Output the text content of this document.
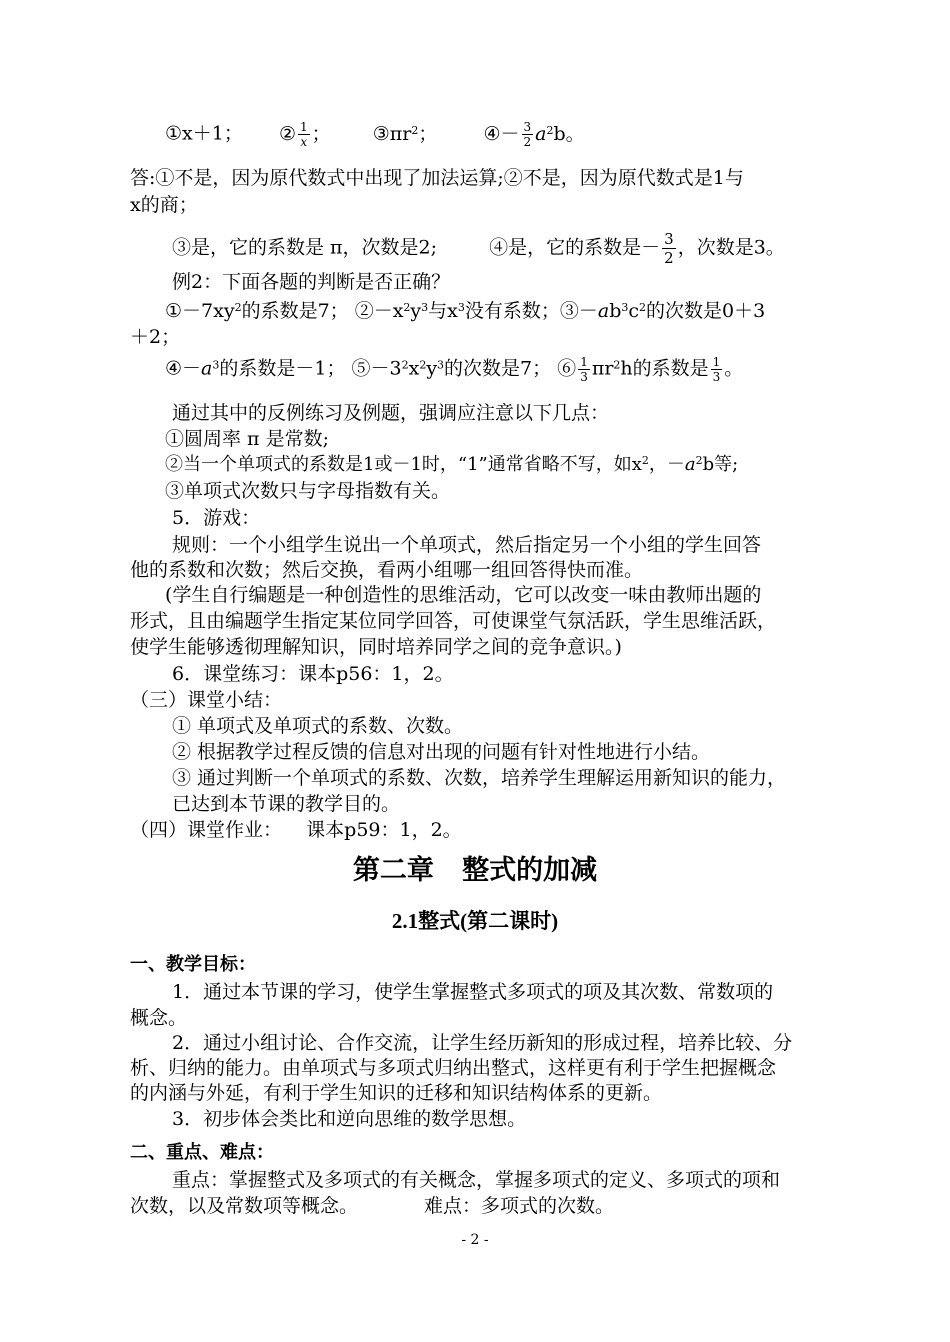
①x＋1； ② $\frac{1}{x}$ ； $③\pi r^2$； ④－ $\frac{3}{2} a^2b$。
答:①不是，因为原代数式中出现了加法运算;②不是，因为原代数式是1与
x的商；
③是，它的系数是 π，次数是2;	④是，它的系数是－ $\frac{3}{2}$ ，次数是3。
例2：下面各题的判断是否正确？
$①-7xy^2$的系数是7； $②-x^2y^3$与$x^3$没有系数；$③-ab^3c^2$的次数是0＋3
＋2；
$④-a^3$的系数是－1； $⑤-3^2x^2y^3$的次数是7； ⑥ $\frac{1}{3} \pi r^2h$的系数是 $\frac{1}{3}$ 。
通过其中的反例练习及例题，强调应注意以下几点：
①圆周率 π 是常数;
②当一个单项式的系数是1或－1时，“1”通常省略不写，如$x^2$，$-a^2b$等;
③单项式次数只与字母指数有关。
5．游戏：
规则：一个小组学生说出一个单项式，然后指定另一个小组的学生回答
他的系数和次数；然后交换，看两小组哪一组回答得快而准。
(学生自行编题是一种创造性的思维活动，它可以改变一味由教师出题的
形式，且由编题学生指定某位同学回答，可使课堂气氛活跃，学生思维活跃，
使学生能够透彻理解知识，同时培养同学之间的竞争意识。)
6．课堂练习：课本p56：1，2。
（三）课堂小结：
① 单项式及单项式的系数、次数。
② 根据教学过程反馈的信息对出现的问题有针对性地进行小结。
③ 通过判断一个单项式的系数、次数，培养学生理解运用新知识的能力，
已达到本节课的教学目的。
（四）课堂作业：    课本p59：1，2。
第二章   整式的加减
2.1整式(第二课时)
一、教学目标：
1．通过本节课的学习，使学生掌握整式多项式的项及其次数、常数项的
概念。
2．通过小组讨论、合作交流，让学生经历新知的形成过程，培养比较、分
析、归纳的能力。由单项式与多项式归纳出整式，这样更有利于学生把握概念
的内涵与外延，有利于学生知识的迁移和知识结构体系的更新。
3．初步体会类比和逆向思维的数学思想。
二、重点、难点：
重点：掌握整式及多项式的有关概念，掌握多项式的定义、多项式的项和
次数，以及常数项等概念。	难点：多项式的次数。
- 2 -
